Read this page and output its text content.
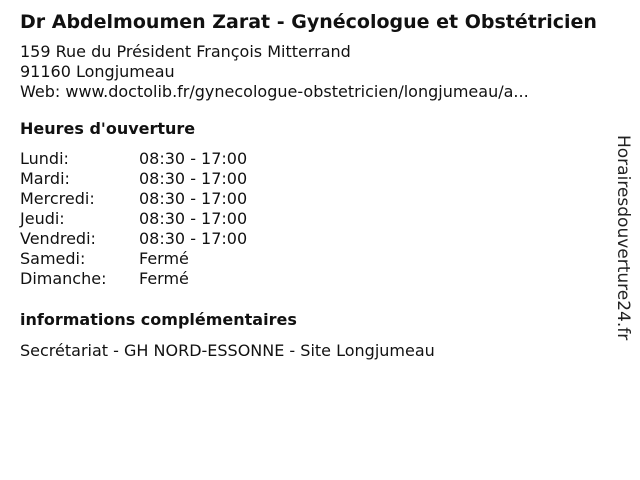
Dr Abdelmoumen Zarat - Gynécologue et Obstétricien
159 Rue du Président François Mitterrand
91160 Longjumeau
Web: www.doctolib.fr/gynecologue-obstetricien/longjumeau/a...
Heures d'ouverture
Lundi:	08:30 - 17:00
Mardi:	08:30 - 17:00
Mercredi:	08:30 - 17:00
Jeudi:	08:30 - 17:00
Vendredi:	08:30 - 17:00
Samedi:	Fermé
Dimanche:	Fermé
informations complémentaires
Secrétariat - GH NORD-ESSONNE - Site Longjumeau
Horairesdouverture24.fr
